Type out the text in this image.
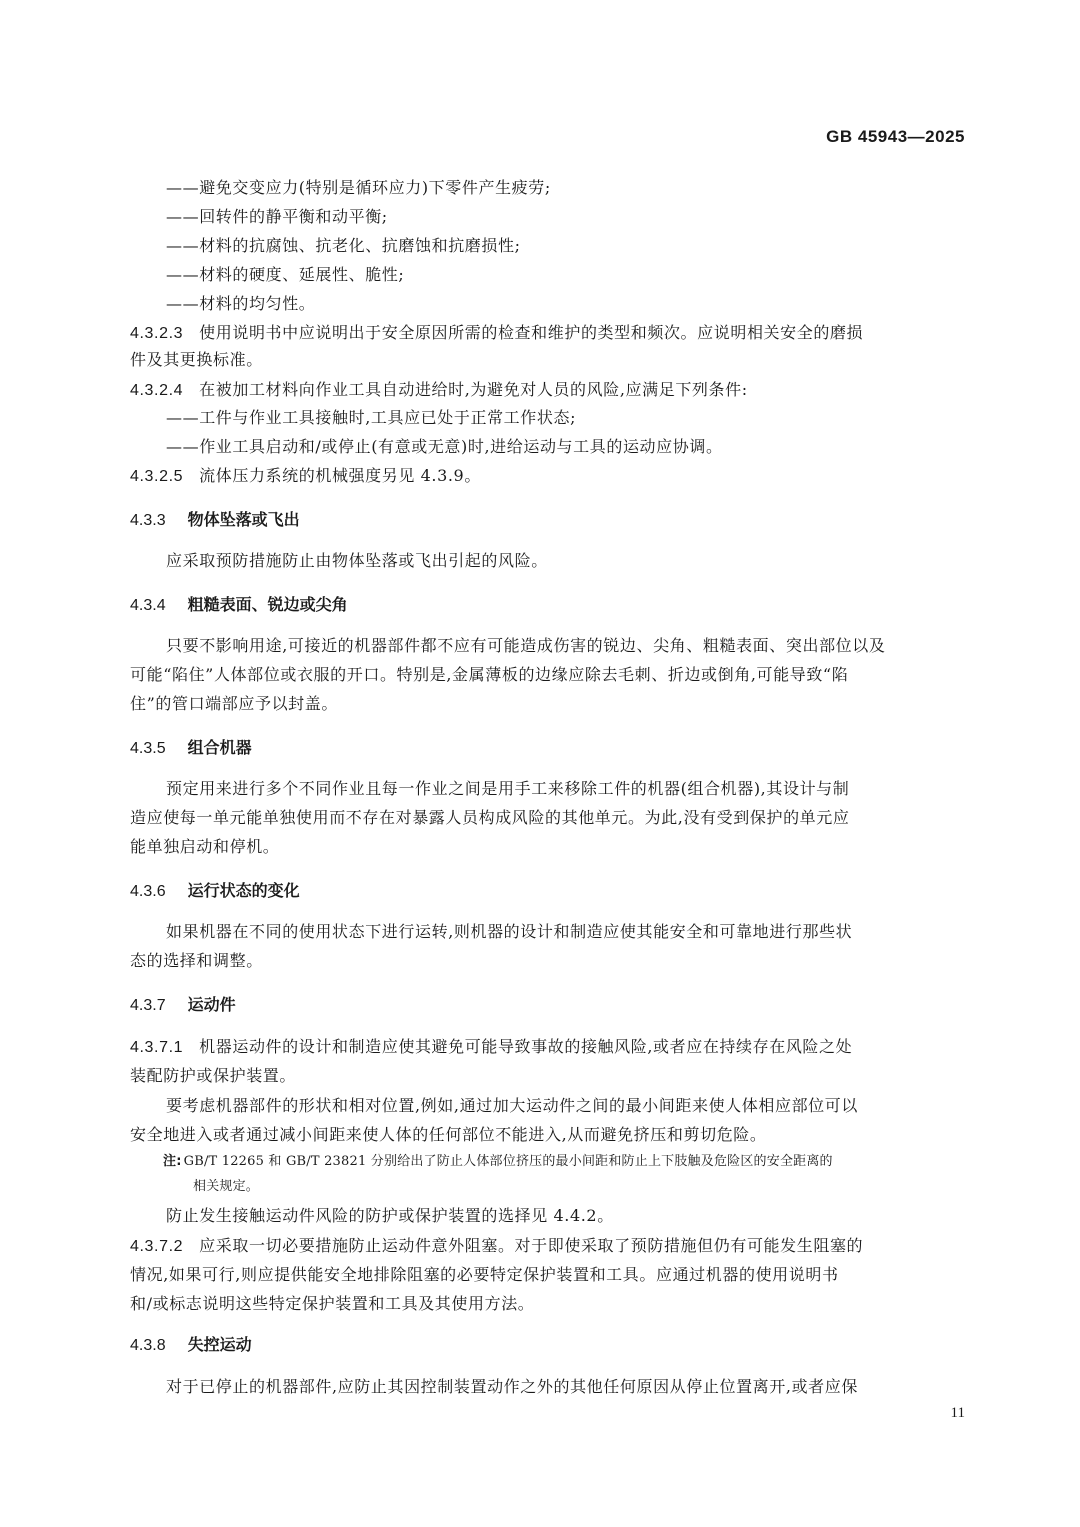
GB 45943—2025
——避免交变应力(特别是循环应力)下零件产生疲劳;
——回转件的静平衡和动平衡;
——材料的抗腐蚀、抗老化、抗磨蚀和抗磨损性;
——材料的硬度、延展性、脆性;
——材料的均匀性。
4.3.2.3 使用说明书中应说明出于安全原因所需的检查和维护的类型和频次。应说明相关安全的磨损
件及其更换标准。
4.3.2.4 在被加工材料向作业工具自动进给时,为避免对人员的风险,应满足下列条件:
——工件与作业工具接触时,工具应已处于正常工作状态;
——作业工具启动和/或停止(有意或无意)时,进给运动与工具的运动应协调。
4.3.2.5 流体压力系统的机械强度另见 4.3.9。
4.3.3 物体坠落或飞出
应采取预防措施防止由物体坠落或飞出引起的风险。
4.3.4 粗糙表面、锐边或尖角
只要不影响用途,可接近的机器部件都不应有可能造成伤害的锐边、尖角、粗糙表面、突出部位以及
可能“陷住”人体部位或衣服的开口。特别是,金属薄板的边缘应除去毛刺、折边或倒角,可能导致“陷
住”的管口端部应予以封盖。
4.3.5 组合机器
预定用来进行多个不同作业且每一作业之间是用手工来移除工件的机器(组合机器),其设计与制
造应使每一单元能单独使用而不存在对暴露人员构成风险的其他单元。为此,没有受到保护的单元应
能单独启动和停机。
4.3.6 运行状态的变化
如果机器在不同的使用状态下进行运转,则机器的设计和制造应使其能安全和可靠地进行那些状
态的选择和调整。
4.3.7 运动件
4.3.7.1 机器运动件的设计和制造应使其避免可能导致事故的接触风险,或者应在持续存在风险之处
装配防护或保护装置。
要考虑机器部件的形状和相对位置,例如,通过加大运动件之间的最小间距来使人体相应部位可以
安全地进入或者通过减小间距来使人体的任何部位不能进入,从而避免挤压和剪切危险。
注: GB/T 12265 和 GB/T 23821 分别给出了防止人体部位挤压的最小间距和防止上下肢触及危险区的安全距离的
相关规定。
防止发生接触运动件风险的防护或保护装置的选择见 4.4.2。
4.3.7.2 应采取一切必要措施防止运动件意外阻塞。对于即使采取了预防措施但仍有可能发生阻塞的
情况,如果可行,则应提供能安全地排除阻塞的必要特定保护装置和工具。应通过机器的使用说明书
和/或标志说明这些特定保护装置和工具及其使用方法。
4.3.8 失控运动
对于已停止的机器部件,应防止其因控制装置动作之外的其他任何原因从停止位置离开,或者应保
11
